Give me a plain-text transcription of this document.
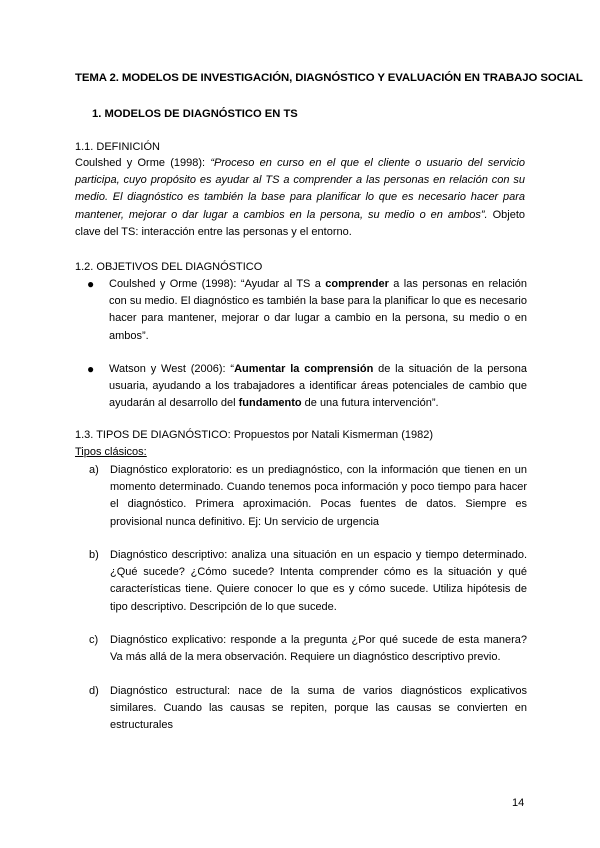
TEMA 2. MODELOS DE INVESTIGACIÓN, DIAGNÓSTICO Y EVALUACIÓN EN TRABAJO SOCIAL
1. MODELOS DE DIAGNÓSTICO EN TS
1.1. DEFINICIÓN
Coulshed y Orme (1998): “Proceso en curso en el que el cliente o usuario del servicio participa, cuyo propósito es ayudar al TS a comprender a las personas en relación con su medio. El diagnóstico es también la base para planificar lo que es necesario hacer para mantener, mejorar o dar lugar a cambios en la persona, su medio o en ambos”. Objeto clave del TS: interacción entre las personas y el entorno.
1.2. OBJETIVOS DEL DIAGNÓSTICO
●	Coulshed y Orme (1998): “Ayudar al TS a comprender a las personas en relación con su medio. El diagnóstico es también la base para la planificar lo que es necesario hacer para mantener, mejorar o dar lugar a cambio en la persona, su medio o en ambos”.
●	Watson y West (2006): “Aumentar la comprensión de la situación de la persona usuaria, ayudando a los trabajadores a identificar áreas potenciales de cambio que ayudarán al desarrollo del fundamento de una futura intervención”.
1.3. TIPOS DE DIAGNÓSTICO: Propuestos por Natali Kismerman (1982)
Tipos clásicos:
a)	Diagnóstico exploratorio: es un prediagnóstico, con la información que tienen en un momento determinado. Cuando tenemos poca información y poco tiempo para hacer el diagnóstico. Primera aproximación. Pocas fuentes de datos. Siempre es provisional nunca definitivo. Ej: Un servicio de urgencia
b)	Diagnóstico descriptivo: analiza una situación en un espacio y tiempo determinado. ¿Qué sucede? ¿Cómo sucede? Intenta comprender cómo es la situación y qué características tiene. Quiere conocer lo que es y cómo sucede. Utiliza hipótesis de tipo descriptivo. Descripción de lo que sucede.
c)	Diagnóstico explicativo: responde a la pregunta ¿Por qué sucede de esta manera? Va más allá de la mera observación. Requiere un diagnóstico descriptivo previo.
d)	Diagnóstico estructural: nace de la suma de varios diagnósticos explicativos similares. Cuando las causas se repiten, porque las causas se convierten en estructurales
14
